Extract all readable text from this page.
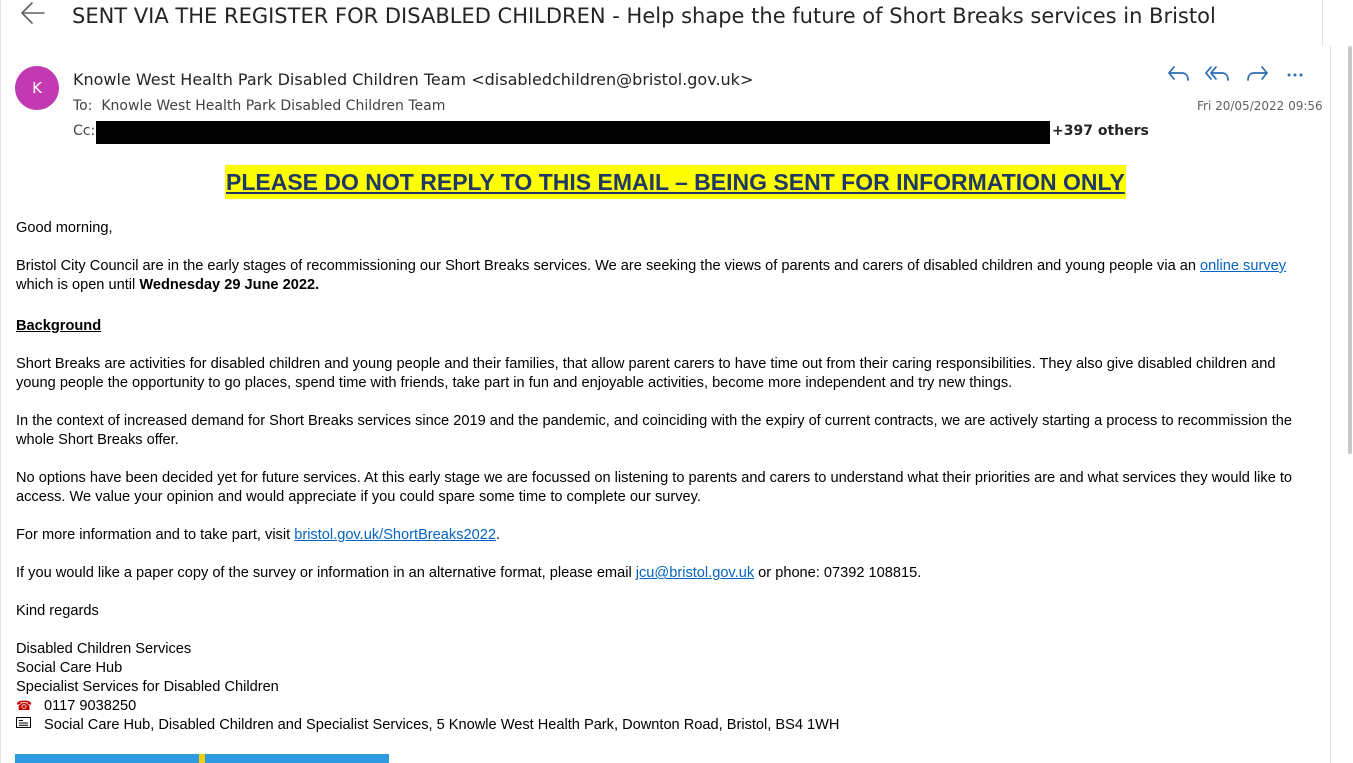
SENT VIA THE REGISTER FOR DISABLED CHILDREN - Help shape the future of Short Breaks services in Bristol
K	Knowle West Health Park Disabled Children Team <disabledchildren@bristol.gov.uk>
To: Knowle West Health Park Disabled Children Team
Cc:	+397 others
Fri 20/05/2022 09:56
PLEASE DO NOT REPLY TO THIS EMAIL – BEING SENT FOR INFORMATION ONLY
Good morning,
Bristol City Council are in the early stages of recommissioning our Short Breaks services. We are seeking the views of parents and carers of disabled children and young people via an online survey
which is open until Wednesday 29 June 2022.
Background
Short Breaks are activities for disabled children and young people and their families, that allow parent carers to have time out from their caring responsibilities. They also give disabled children and young people the opportunity to go places, spend time with friends, take part in fun and enjoyable activities, become more independent and try new things.
In the context of increased demand for Short Breaks services since 2019 and the pandemic, and coinciding with the expiry of current contracts, we are actively starting a process to recommission the whole Short Breaks offer.
No options have been decided yet for future services. At this early stage we are focussed on listening to parents and carers to understand what their priorities are and what services they would like to access. We value your opinion and would appreciate if you could spare some time to complete our survey.
For more information and to take part, visit bristol.gov.uk/ShortBreaks2022.
If you would like a paper copy of the survey or information in an alternative format, please email jcu@bristol.gov.uk or phone: 07392 108815.
Kind regards
Disabled Children Services
Social Care Hub
Specialist Services for Disabled Children
☎ 0117 9038250
Social Care Hub, Disabled Children and Specialist Services, 5 Knowle West Health Park, Downton Road, Bristol, BS4 1WH
